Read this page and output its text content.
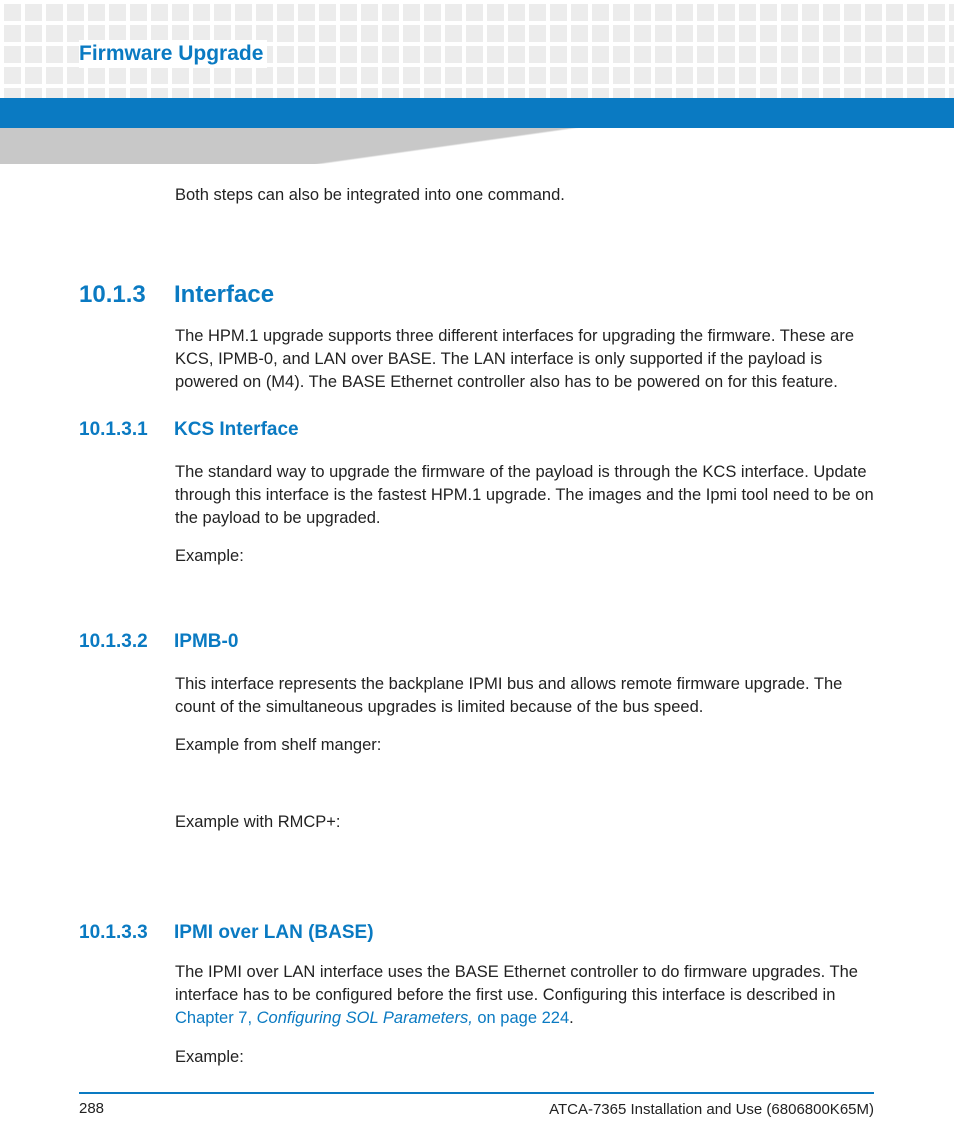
Firmware Upgrade
Both steps can also be integrated into one command.
10.1.3 Interface
The HPM.1 upgrade supports three different interfaces for upgrading the firmware. These are KCS, IPMB-0, and LAN over BASE. The LAN interface is only supported if the payload is powered on (M4). The BASE Ethernet controller also has to be powered on for this feature.
10.1.3.1 KCS Interface
The standard way to upgrade the firmware of the payload is through the KCS interface. Update through this interface is the fastest HPM.1 upgrade. The images and the Ipmi tool need to be on the payload to be upgraded.
Example:
10.1.3.2 IPMB-0
This interface represents the backplane IPMI bus and allows remote firmware upgrade. The count of the simultaneous upgrades is limited because of the bus speed.
Example from shelf manger:
Example with RMCP+:
10.1.3.3 IPMI over LAN (BASE)
The IPMI over LAN interface uses the BASE Ethernet controller to do firmware upgrades. The interface has to be configured before the first use. Configuring this interface is described in Chapter 7, Configuring SOL Parameters, on page 224.
Example:
288	ATCA-7365 Installation and Use (6806800K65M)
